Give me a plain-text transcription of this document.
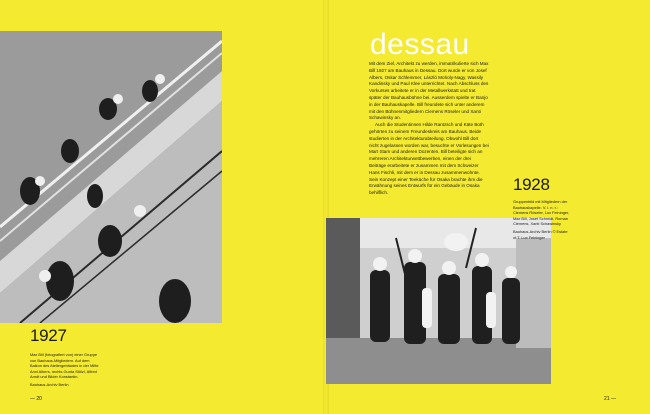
dessau

Mit dem Ziel, Architekt zu werden, immatrikulierte sich Max Bill 1927 am Bauhaus in Dessau. Dort wurde er von Josef Albers, Oskar Schlemmer, László Moholy-Nagy, Wassily Kandinsky und Paul Klee unterrichtet. Nach Abschluss des Vorkurses arbeitete er in der Metallwerkstatt und trat später der Bauhausbühne bei. Ausserdem spielte er Banjo in der Bauhauskapelle. Bill freundete sich unter anderem mit den Bühnenmitgliedern Clemens Röseler und Xanti Schawinsky an.

Auch die Studentinnen Hilde Rantzsch und Käte Both gehörten zu seinem Freundeskreis am Bauhaus. Beide studierten in der Architekturabteilung. Obwohl Bill dort nicht zugelassen worden war, besuchte er Vorlesungen bei Mart Stam und anderen Dozenten. Bill beteiligte sich an mehreren Architekturwettbewerben, einen der drei Beiträge erarbeitete er zusammen mit dem Schweizer Hans Fischli, mit dem er in Dessau zusammenwohnte. Sein Konzept einer Teeküche für Osaka brachte ihm die Erwähnung seines Entwurfs für ein Gebäude in Osaka behilflich.	1928
Gruppenbild mit Mitgliedern der Bauhauskapelle. V. l. n. r.: Clemens Röseler, Lux Feininger, Max Bill, Josef Schmidt, Roman Clemens, Xanti Schawinsky
Bauhaus-Archiv Berlin © Estate of T. Lux Feininger
1927
Max Bill (fotografiert von) einer Gruppe von Bauhaus-Mitgliedern. Auf dem Balkon des Ateliergebäudes in der Mitte Anni Albers, rechts Gunta Stölzl, Alfred Arndt und Bilder Konstantin.
Bauhaus-Archiv Berlin
— 20	21 —
